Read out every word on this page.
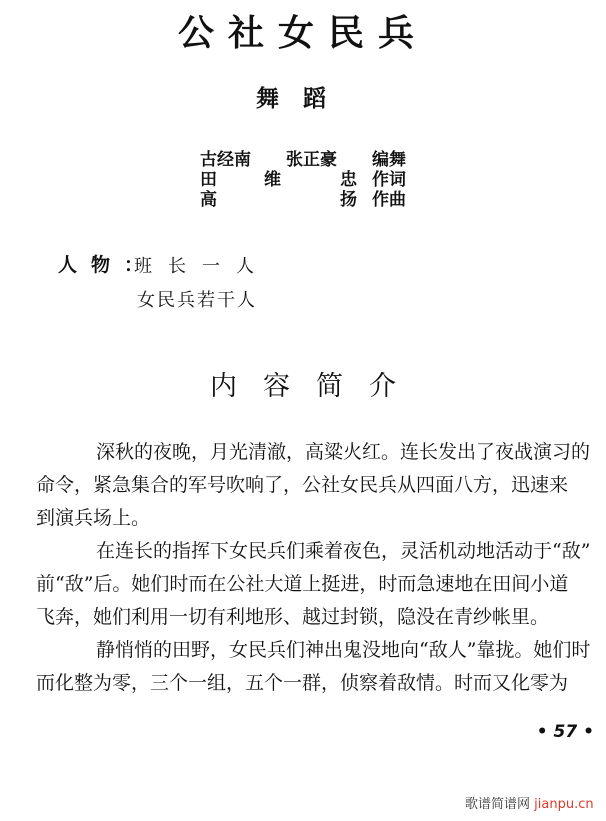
公社女民兵
舞蹈
古经南 张正豪 编舞
田	维	忠 作词
高	扬 作曲
人物：
班长一人
女民兵若干人
内容简介
深秋的夜晚，月光清澈，高粱火红。连长发出了夜战演习的
命令，紧急集合的军号吹响了，公社女民兵从四面八方，迅速来
到演兵场上。
在连长的指挥下女民兵们乘着夜色，灵活机动地活动于“敌”
前“敌”后。她们时而在公社大道上挺进，时而急速地在田间小道
飞奔，她们利用一切有利地形、越过封锁，隐没在青纱帐里。
静悄悄的田野，女民兵们神出鬼没地向“敌人”靠拢。她们时
而化整为零，三个一组，五个一群，侦察着敌情。时而又化零为
• 57 •
歌谱简谱网 jianpu.cn
